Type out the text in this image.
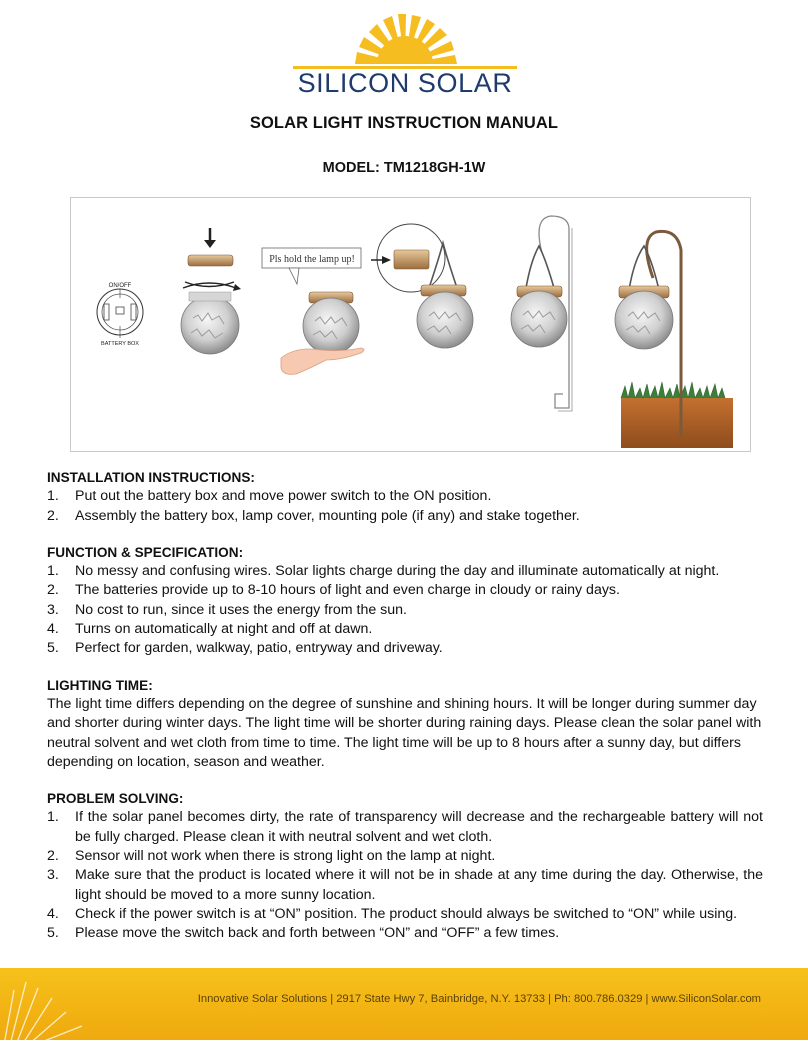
SILICON SOLAR
SOLAR LIGHT INSTRUCTION MANUAL
MODEL: TM1218GH-1W
ON/OFF
BATTERY BOX
Pls hold the lamp up!
INSTALLATION INSTRUCTIONS:
1. Put out the battery box and move power switch to the ON position.
2. Assembly the battery box, lamp cover, mounting pole (if any) and stake together.
FUNCTION & SPECIFICATION:
1. No messy and confusing wires. Solar lights charge during the day and illuminate automatically at night.
2. The batteries provide up to 8-10 hours of light and even charge in cloudy or rainy days.
3. No cost to run, since it uses the energy from the sun.
4. Turns on automatically at night and off at dawn.
5. Perfect for garden, walkway, patio, entryway and driveway.
LIGHTING TIME:

The light time differs depending on the degree of sunshine and shining hours. It will be longer during summer day and shorter during winter days. The light time will be shorter during raining days. Please clean the solar panel with neutral solvent and wet cloth from time to time. The light time will be up to 8 hours after a sunny day, but differs depending on location, season and weather.

PROBLEM SOLVING:
1. If the solar panel becomes dirty, the rate of transparency will decrease and the rechargeable battery will not be fully charged. Please clean it with neutral solvent and wet cloth.
2. Sensor will not work when there is strong light on the lamp at night.
3. Make sure that the product is located where it will not be in shade at any time during the day. Otherwise, the light should be moved to a more sunny location.
4. Check if the power switch is at “ON” position. The product should always be switched to “ON” while using.
5. Please move the switch back and forth between “ON” and “OFF” a few times.
Innovative Solar Solutions | 2917 State Hwy 7, Bainbridge, N.Y. 13733 | Ph: 800.786.0329 | www.SiliconSolar.com
